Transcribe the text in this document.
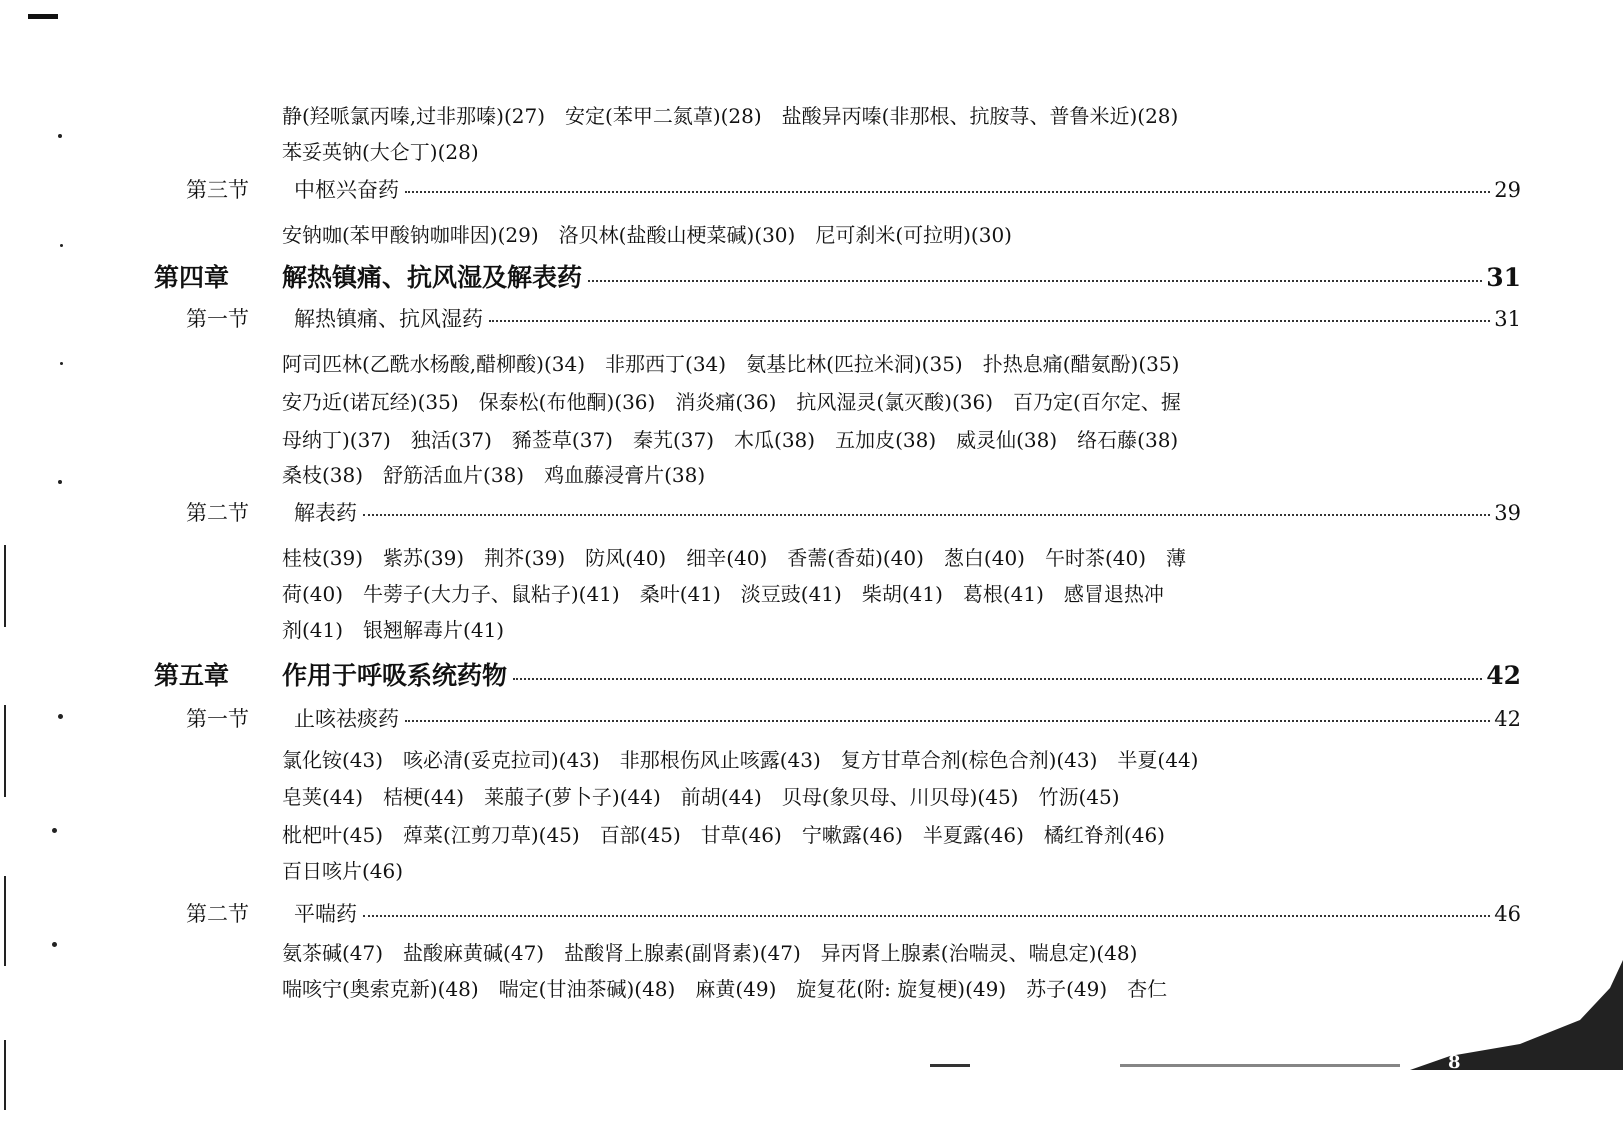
静(羟哌氯丙嗪,过非那嗪)(27)　安定(苯甲二氮䓬)(28)　盐酸异丙嗪(非那根、抗胺荨、普鲁米近)(28)
苯妥英钠(大仑丁)(28)
第三节	中枢兴奋药	29
安钠咖(苯甲酸钠咖啡因)(29)　洛贝林(盐酸山梗菜碱)(30)　尼可刹米(可拉明)(30)
第四章	解热镇痛、抗风湿及解表药	31
第一节	解热镇痛、抗风湿药	31
阿司匹林(乙酰水杨酸,醋柳酸)(34)　非那西丁(34)　氨基比林(匹拉米洞)(35)　扑热息痛(醋氨酚)(35)
安乃近(诺瓦经)(35)　保泰松(布他酮)(36)　消炎痛(36)　抗风湿灵(氯灭酸)(36)　百乃定(百尔定、握
母纳丁)(37)　独活(37)　豨莶草(37)　秦艽(37)　木瓜(38)　五加皮(38)　威灵仙(38)　络石藤(38)
桑枝(38)　舒筋活血片(38)　鸡血藤浸膏片(38)
第二节	解表药	39
桂枝(39)　紫苏(39)　荆芥(39)　防风(40)　细辛(40)　香薷(香茹)(40)　葱白(40)　午时茶(40)　薄
荷(40)　牛蒡子(大力子、鼠粘子)(41)　桑叶(41)　淡豆豉(41)　柴胡(41)　葛根(41)　感冒退热冲
剂(41)　银翘解毒片(41)
第五章	作用于呼吸系统药物	42
第一节	止咳祛痰药	42
氯化铵(43)　咳必清(妥克拉司)(43)　非那根伤风止咳露(43)　复方甘草合剂(棕色合剂)(43)　半夏(44)
皂荚(44)　桔梗(44)　莱菔子(萝卜子)(44)　前胡(44)　贝母(象贝母、川贝母)(45)　竹沥(45)
枇杷叶(45)　蔊菜(江剪刀草)(45)　百部(45)　甘草(46)　宁嗽露(46)　半夏露(46)　橘红脊剂(46)
百日咳片(46)
第二节	平喘药	46
氨茶碱(47)　盐酸麻黄碱(47)　盐酸肾上腺素(副肾素)(47)　异丙肾上腺素(治喘灵、喘息定)(48)
喘咳宁(奥索克新)(48)　喘定(甘油茶碱)(48)　麻黄(49)　旋复花(附: 旋复梗)(49)　苏子(49)　杏仁
8
